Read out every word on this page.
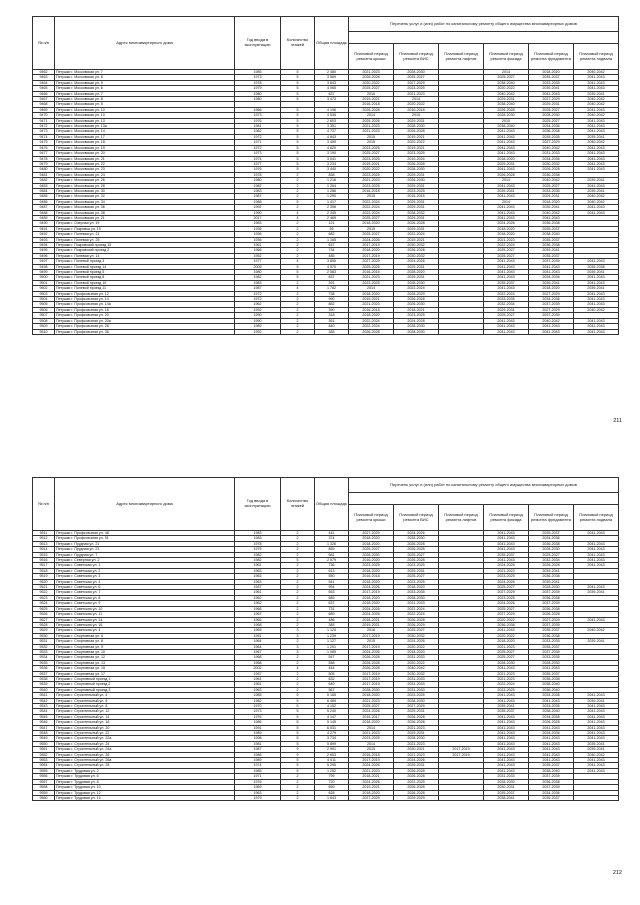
№ п/п	Адрес многоквартирного дома	Год ввода в эксплуатацию	Количество этажей	Общая площадь	Перечень услуг и (или) работ по капитальному ремонту общего имущества многоквартирных домов					

					Плановый период ремонта крыши	Плановый период ремонта ВИС	Плановый период ремонта лифтов	Плановый период ремонта фасада	Плановый период ремонта фундамента	Плановый период ремонта подвала
9462	Петушки г. Московская ул. 7	1985	5	2 480	2021-2023	2028-2030		2014	2018-2020	2040-2042
9463	Петушки г. Московская ул. 8	1973	5	3 569	2026-2028	2025-2027		2025-2027	2035-2037	2041-2043
9464	Петушки г. Московская ул. 9	1978	5	3 843	2020-2022	2027-2029		2038-2040	2033-2035	2041-2043
9465	Петушки г. Московская ул. 6	1979	5	4 065	2025-2027	2023-2025		2020-2022	2039-2041	2041-2043
9466	Петушки г. Московская ул. 7	1980	5	637	2016	2021-2023		2040-2042	2041-2043	2039-2041
9467	Петушки г. Московская ул. 8	1980	5	3 473	2019-2021	2014		2029-2031	2027-2029	2040-2042
9468	Петушки г. Московская ул. 8				2016-2018	2020-2022		2038-2040	2029-2031	2040-2042
9469	Петушки г. Московская ул. 10	1966	5	4 196	2026-2028	2016-2018		2026-2028	2025-2027	2041-2043
9470	Петушки г. Московская ул. 10	1973	5	4 536	2014	2015		2028-2030	2028-2030	2040-2042
9471	Петушки г. Московская ул. 13	1976	5	2 603	2025-2026	2029-2031		2015	2025-2027	2041-2043
9472	Петушки г. Московская ул. 13а	1981	5	3 351	2021-2023	2028-2030		2038-2040	2034-2036	2041-2043
9473	Петушки г. Московская ул. 14	1982	5	4 737	2021-2023	2026-2028		2041-2043	2036-2038	2041-2043
9474	Петушки г. Московская ул. 17	1972	5	4 843	2015	2019-2021		2041-2043	2035-2035	2039-2041
9475	Петушки г. Московская ул. 18	1971	5	3 459	2015	2020-2022		2041-2043	2027-2029	2040-2042
9476	Петушки г. Московская ул. 19	1972	5	4 620	2023-2025	2019-2021		2041-2043	2040-2042	2041-2043
9477	Петушки г. Московская ул. 20	1973	5	3 190	2025-2027	2023-2025		2041-2043	2031-2033	2041-2043
9478	Петушки г. Московская ул. 21	1974	5	3 041	2023-2025	2019-2024		2018-2020	2034-2036	2041-2043
9479	Петушки г. Московская ул. 22	1977	5	3 234	2019-2021	2026-2028		2029-2031	2030-2032	2041-2043
9480	Петушки г. Московская ул. 23	1976	5	3 440	2020-2022	2028-2030		2041-2043	2026-2028	2041-2043
9481	Петушки г. Московская ул. 24	1978	2	838	2023-2025	2029-2031		2026-2028	2036-2038	
9482	Петушки г. Московская ул. 26	1980	2	1 216	2021-2023	2026-2030		2014	2040-2042	2039-2041
9483	Петушки г. Московская ул. 28	1982	2	1 264	2023-2025	2029-2031		2041-2043	2025-2027	2041-2043
9484	Петушки г. Московская ул. 30	1983	2	1 286	2016-2018	2023-2025		2039-2041	2033-2035	2039-2041
9485	Петушки г. Московская ул. 32	1987	2	1 290	2015	2015-2015		2041-2043	2029-2031	2040-2042
9486	Петушки г. Московская ул. 34	1988	5	1 417	2022-2024	2029-2031		2014	2018-2020	2040-2042
9487	Петушки г. Московская ул. 36	1992	2	2 396	2022-2024	2029-2031		2041-2043	2039-2041	2041-2043
9488	Петушки г. Московская ул. 38	1990	4	2 345	2022-2024	2028-2032		2041-2043	2040-2042	2041-2043
9489	Петушки г. Московская ул. 21	2017	4	2 469	2025-2027	2029-2031		2041-2043	2041-2043	
9490	Петушки г. Озерная ул. 19	1983	2	121	2018-2020	2026-2028		2024-2026	2036-2038	
9491	Петушки г. Покровка ул. 19	1935	2	59	2015	2029-2031		2018-2020	2035-2037	
9492	Петушки г. Полевая ул. 21	1936	2	682	2025-2027	2022-2024		2018-2020	2038-2040	
9493	Петушки г. Полевая ул. 25	1936	2	1 165	2024-2026	2019-2021		2021-2023	2035-2037	
9494	Петушки г. Покровский проезд 15	1961	2	637	2017-2019	2030-2032		2022-2024	2036-2038	
9495	Петушки г. Покровский проезд 2	1966	2	734	2018-2020	2026-2028		2025-2027	2039-2041	
9496	Петушки г. Полевая ул. 14	1952	2	485	2017-2019	2030-2032		2025-2027	2035-2037	
9497	Петушки г. Полевой проезд 3	1977	4	3 855	2027-2029	2024-2026		2041-2043	2037-2039	2041-2043
9498	Петушки г. Полевой проезд 14	2009	5	4 570	2025-2026	2029-2031		2041-2043	2041-2043	2039-2038
9499	Петушки г. Полевой проезд 5	1980	5	2 583	2016-2016	2028-2020		2041-2043	2041-2043	2039-2041
9500	Петушки г. Полевой проезд 8	1982	5	837	2021-2023	2029-2031		2041-2043	2034-2036	2041-2043
9501	Петушки г. Полевой проезд 10	1983	2	391	2023-2025	2028-2030		2035-2037	2039-2041	2041-2043
9502	Петушки г. Полевой проезд 11	1987	4	1 782	2014	2022-2024		2041-2043	2018-2020	2039-2041
9503	Петушки г. Профсоюзная ул. 12	1972	2	738	2018-2020	2028-2029		2022-2024	2027-2029	2041-2043
9504	Петушки г. Профсоюзная ул. 14	1972	2	990	2019-2021	2026-2028		2033-2035	2034-2036	2041-2043
9505	Петушки г. Профсоюзная ул. 14а	1962	2	882	2021-2023	2026-2030		2032-2034	2037-2039	2041-2043
9506	Петушки г. Профсоюзная ул. 16	1992	2	390	2016-2018	2018-2021		2029-2031	2027-2029	2040-2042
9507	Петушки г. Профсоюзная ул. 20	1990	2	318	2018-2020	2023-2025		2025-2027	2037-2039	
9508	Петушки г. Профсоюзная ул. 20а	1990	2	361	2022-2024	2024-2028		2041-2043	2040-2042	2041-2043
9509	Петушки г. Профсоюзная ул. 28	1989	2	840	2022-2024	2028-2030		2041-2043	2041-2043	2041-2043
9510	Петушки г. Профсоюзная ул. 36	1992	2	385	2026-2028	2028-2030		2041-2043	2041-2043	2041-2043
211
№ п/п	Адрес многоквартирного дома	Год ввода в эксплуатацию	Количество этажей	Общая площадь	Перечень услуг и (или) работ по капитальному ремонту общего имущества многоквартирных домов					

					Плановый период ремонта крыши	Плановый период ремонта ВИС	Плановый период ремонта лифтов	Плановый период ремонта фасада	Плановый период ремонта фундамента	Плановый период ремонта подвала
9511	Петушки г. Профсоюзная ул. 48	1983	2	441	2027-2029	2024-2026		2041-2043	2035-2037	2041-2043
9512	Петушки г. Профсоюзная ул. 51	1983	2	374	2018-2020	2028-2030		2041-2043	2034-2036	
9513	Петушки г. Прудная ул. 21	1978	2	1 326	2018-2020	2026-2028		2041-2043	2036-2038	2041-2043
9514	Петушки г. Прудная ул. 23	1975	2	859	2025-2027	2026-2028		2041-2043	2028-2030	2041-2043
9515	Петушки г. Прудная ул. 7	1982	2	681	2028-2030	2025-2027		2035-2037	2025-2027	2041-2043
9516	Петушки г. Северная ул. 2	1982	5	2 579	2016-2020	2026-2028		2041-2043	2032-2034	2041-2043
9517	Петушки г. Советская ул. 1	1961	2	736	2023-2025	2023-2025		2024-2026	2026-2028	2041-2043
9518	Петушки г. Советская ул. 2	1963	2	613	2018-2020	2029-2031		2021-2023	2039-2041	
9519	Петушки г. Советская ул. 3	1963	2	550	2016-2018	2025-2027		2023-2025	2036-2038	
9520	Петушки г. Советская ул. 4	1963	2	541	2018-2020	2023-2025		2024-2026	2039-2041	
9521	Петушки г. Советская ул. 6	1957	2	954	2024-2026	2018-2020		2025-2027	2028-2030	2041-2043
9522	Петушки г. Советская ул. 7	1961	2	653	2017-2019	2033-2035		2027-2029	2037-2039	2039-2041
9523	Петушки г. Советская ул. 8	1962	2	689	2018-2020	2028-2030		2023-2025	2036-2038	
9524	Петушки г. Советская ул. 9	1962	2	637	2018-2020	2031-2033		2024-2026	2037-2039	
9525	Петушки г. Советская ул. 10	1966	2	731	2024-2026	2022-2024		2025-2027	2036-2038	
9526	Петушки г. Советская ул. 11	1967	2	689	2024-2026	2022-2024		2027-2029	2026-2028	
9527	Петушки г. Советская ул. 14	1965	2	486	2018-2021	2026-2028		2020-2022	2027-2029	2041-2043
9528	Петушки г. Советская ул. 16	1968	2	385	2019-2021	2026-2029		2036-2038	2037-2039	
9529	Петушки г. Советская ул. 4	1965	3	1 124	2018	2025-2027		2041-2043	2035-2037	2040-2042
9530	Петушки г. Спортивная ул. 6	1951	3	1 239	2017-2019	2030-2032		2020-2022	2036-2038	
9531	Петушки г. Спортивная ул. 8	1964	2	1 127	2015	2024-2026		2018-2020	2033-2035	2039-2041
9532	Петушки г. Спортивная ул. 9	1964	3	1 291	2017-2019	2020-2022		2021-2023	2035-2037	
9533	Петушки г. Спортивная ул. 10	1967	3	1 085	2024-2026	2018-2020		2025-2027	2037-2039	
9534	Петушки г. Спортивная ул. 12	1968	2	547	2026-2028	2031-2033		2025-2027	2033-2035	
9535	Петушки г. Спортивная ул. 13	1968	2	558	2026-2028	2020-2022		2028-2030	2028-2030	
9536	Петушки г. Спортивная ул. 15	2002	4	444	2026-2028	2040-2042		2041-2043	2041-2043	
9537	Петушки г. Спортивная ул. 17	1957	2	505	2017-2019	2030-2032		2021-2023	2035-2037	
9538	Петушки г. Спортивный проезд 1	1961	2	632	2017-2019	2031-2033		2021-2023	2036-2038	
9539	Петушки г. Спортивный проезд 2	1961	2	640	2017-2019	2031-2033		2022-2024	2038-2040	
9540	Петушки г. Спортивный проезд 3	1963	2	567	2028-2030	2031-2033		2023-2025	2036-2040	
9541	Петушки г. Строительный ул. 4	1985	5	5 165	2018-2020	2023-2025		2041-2043	2034-2036	2041-2043
9542	Петушки г. Строительный ул. 6	1982	5	6 469	2021-2023	2028-2030		2041-2043	2041-2043	2039-2041
9543	Петушки г. Строительный ул. 8	1970	5	4 152	2025-2027	2027-2029		2039-2041	2033-2035	2041-2043
9544	Петушки г. Строительный ул. 12	1973	5	5 240	2024-2026	2029-2031		2035-2037	2038-2040	2041-2043
9545	Петушки г. Строительный ул. 14	1976	5	4 147	2015-2017	2026-2028		2041-2043	2034-2036	2041-2043
9546	Петушки г. Строительный ул. 18	1986	5	5 145	2018-2020	2026-2028		2041-2043	2026-2028	2041-2043
9547	Петушки г. Строительный ул. 20	1991	5	6 031	2014	2021-2023		2041-2043	2041-2043	2041-2043
9548	Петушки г. Строительный ул. 22	1989	5	4 279	2021-2023	2029-2031		2041-2043	2034-2036	2041-2043
9549	Петушки г. Строительный ул. 22а	1998	5	3 734	2023-2025	2028-2030		2041-2043	2041-2043	2041-2043
9550	Петушки г. Строительный ул. 24	1981	5	5 899	2014	2021-2023		2041-2043	2041-2043	2039-2041
9551	Петушки г. Строительный ул. 24а	1987	9	2 991	2015	2020-2021	2017-2019	2041-2043	2041-2043	2039-2041
9552	Петушки г. Строительный ул. 26	1986	9	2 653	2016-2018	2021-2023	2017-2019	2041-2043	2041-2043	2040-2042
9553	Петушки г. Строительный ул. 26а	1989	5	4 011	2017-2019	2024-2026		2041-2043	2041-2043	2041-2043
9554	Петушки г. Строительный ул. 28	1974	5	5 295	2024-2026	2029-2031		2041-2043	2035-2037	2041-2043
9555	Петушки г. Трудовая ул. 2	1985	5	1 252	2021-2023	2026-2028		2041-2043	2038-2040	2041-2043
9556	Петушки г. Трудовая ул. 6	1971	2	799	2018-2021	2026-2028		2031-2033	2037-2039	
9557	Петушки г. Трудовая ул. 8	1976	2	720	2024-2026	2022-2025		2028-2030	2036-2038	
9558	Петушки г. Трудовая ул. 10	1969	2	659	2019-2021	2026-2028		2030-2031	2037-2039	
9559	Петушки г. Трудовая ул. 12	1963	2	628	2018-2020	2026-2028		2035-2037	2034-2036	
9560	Петушки г. Трудовая ул. 14	1979	2	1 643	2027-2029	2029-2029		2038-2041	2035-2037	
212
